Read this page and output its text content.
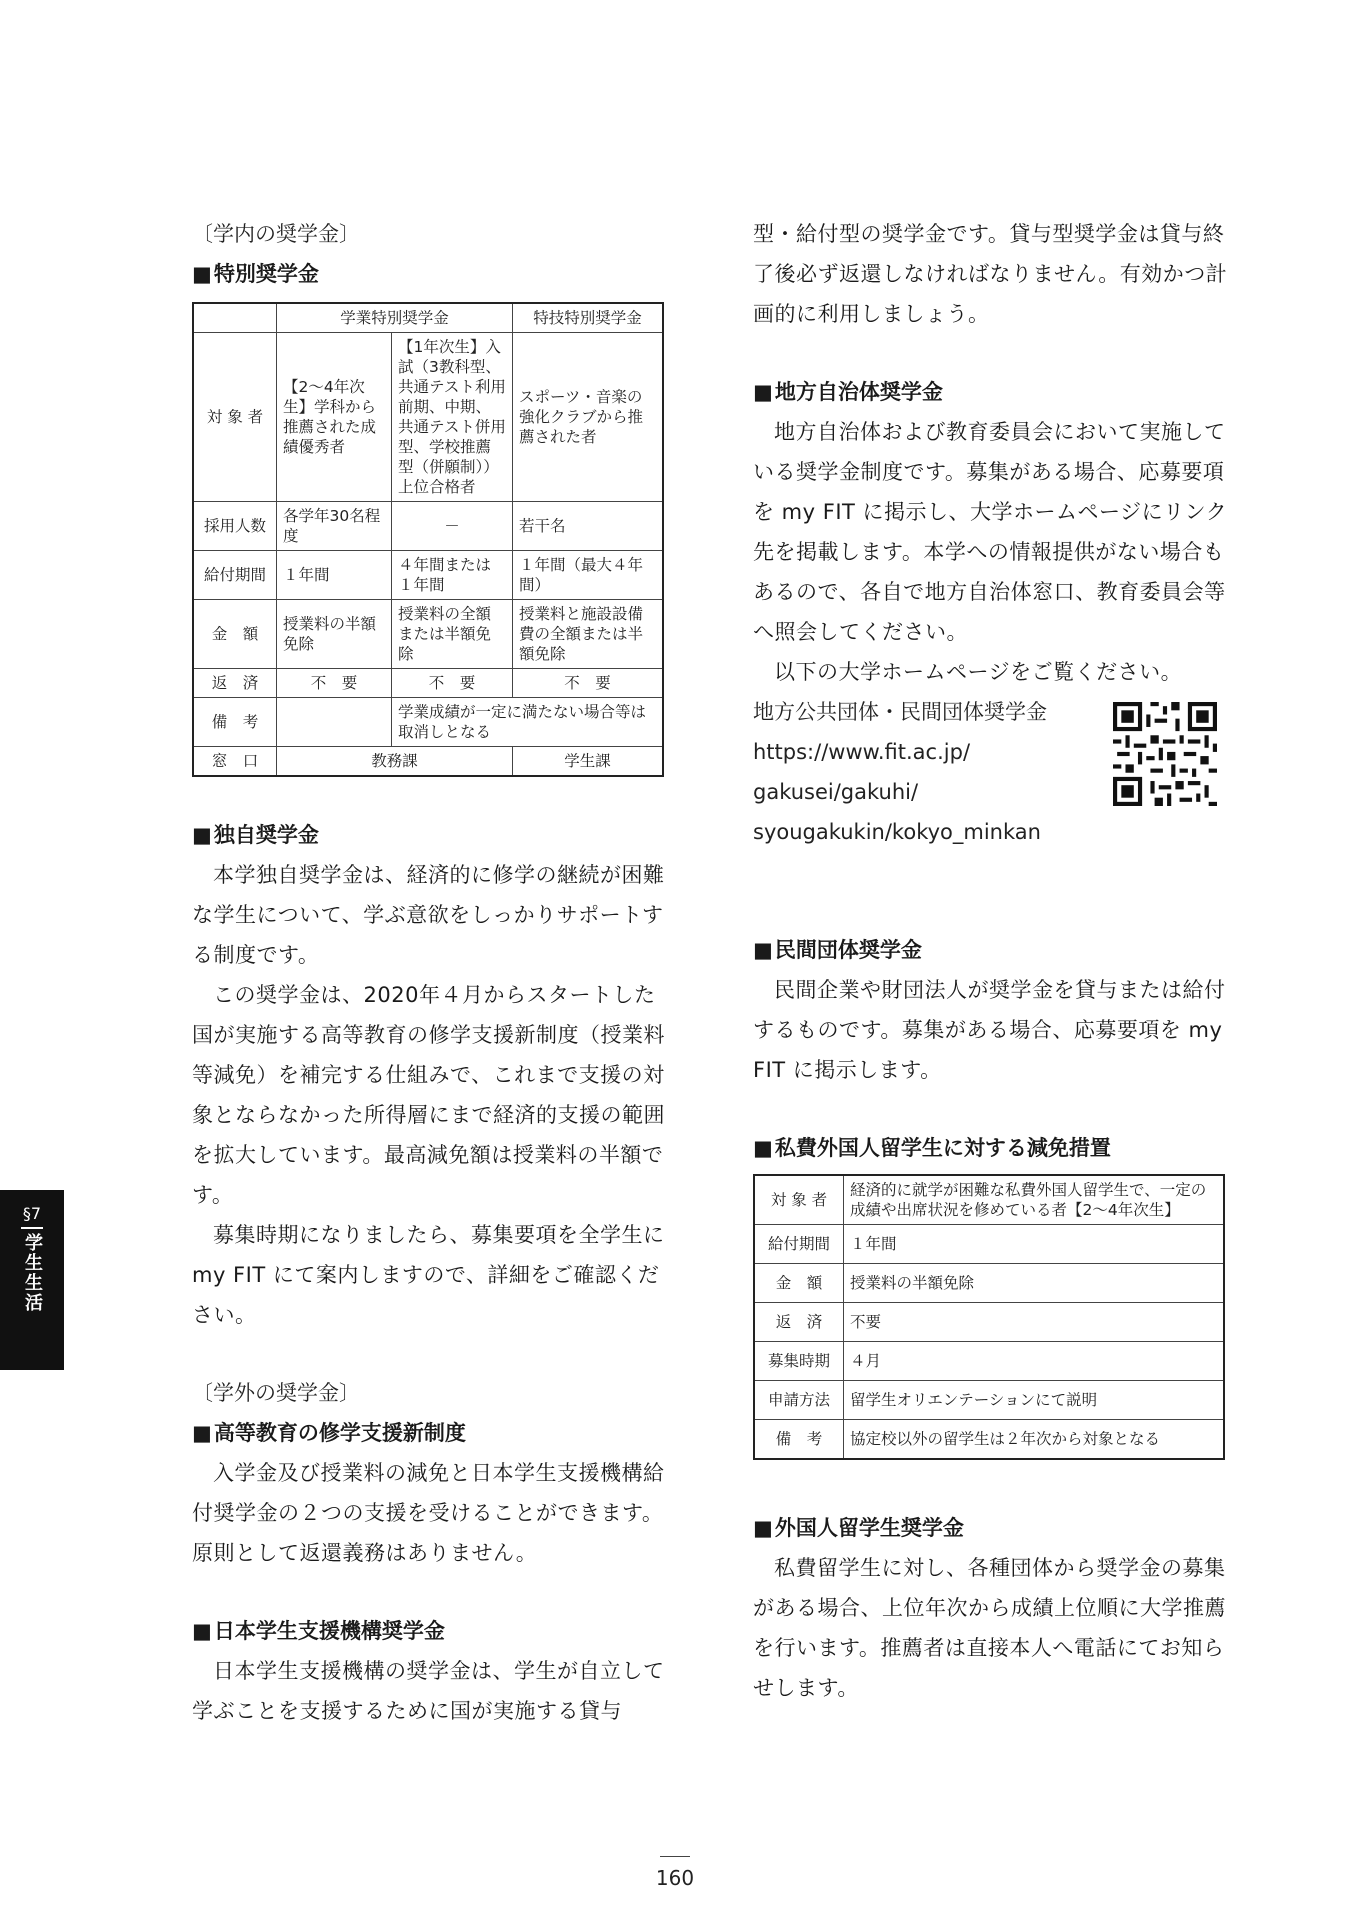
〔学内の奨学金〕
■ 特別奨学金
	学業特別奨学金		特技特別奨学金
対 象 者	【2～4年次生】学科から推薦された成績優秀者	【1年次生】入試（3教科型、共通テスト利用前期、中期、共通テスト併用型、学校推薦型（併願制））上位合格者	スポーツ・音楽の強化クラブから推薦された者
採用人数	各学年30名程度	－	若干名
給付期間	１年間	４年間または１年間	１年間（最大４年間）
金　額	授業料の半額免除	授業料の全額または半額免除	授業料と施設設備費の全額または半額免除
返　済	不　要	不　要	不　要
備　考		学業成績が一定に満たない場合等は取消しとなる	
窓　口	教務課		学生課
■ 独自奨学金

本学独自奨学金は、経済的に修学の継続が困難な学生について、学ぶ意欲をしっかりサポートする制度です。

この奨学金は、2020年４月からスタートした国が実施する高等教育の修学支援新制度（授業料等減免）を補完する仕組みで、これまで支援の対象とならなかった所得層にまで経済的支援の範囲を拡大しています。最高減免額は授業料の半額です。

募集時期になりましたら、募集要項を全学生に my FIT にて案内しますので、詳細をご確認ください。

〔学外の奨学金〕
■ 高等教育の修学支援新制度

入学金及び授業料の減免と日本学生支援機構給付奨学金の２つの支援を受けることができます。原則として返還義務はありません。

■ 日本学生支援機構奨学金

日本学生支援機構の奨学金は、学生が自立して学ぶことを支援するために国が実施する貸与

型・給付型の奨学金です。貸与型奨学金は貸与終了後必ず返還しなければなりません。有効かつ計画的に利用しましょう。

■ 地方自治体奨学金

地方自治体および教育委員会において実施している奨学金制度です。募集がある場合、応募要項を my FIT に掲示し、大学ホームページにリンク先を掲載します。本学への情報提供がない場合もあるので、各自で地方自治体窓口、教育委員会等へ照会してください。

以下の大学ホームページをご覧ください。

地方公共団体・民間団体奨学金
https://www.fit.ac.jp/
gakusei/gakuhi/
syougakukin/kokyo_minkan
■ 民間団体奨学金

民間企業や財団法人が奨学金を貸与または給付するものです。募集がある場合、応募要項を my FIT に掲示します。

■ 私費外国人留学生に対する減免措置
対 象 者	経済的に就学が困難な私費外国人留学生で、一定の成績や出席状況を修めている者【2～4年次生】
給付期間	１年間
金　額	授業料の半額免除
返　済	不要
募集時期	４月
申請方法	留学生オリエンテーションにて説明
備　考	協定校以外の留学生は２年次から対象となる
■ 外国人留学生奨学金

私費留学生に対し、各種団体から奨学金の募集がある場合、上位年次から成績上位順に大学推薦を行います。推薦者は直接本人へ電話にてお知らせします。

§7
学生生活
160
